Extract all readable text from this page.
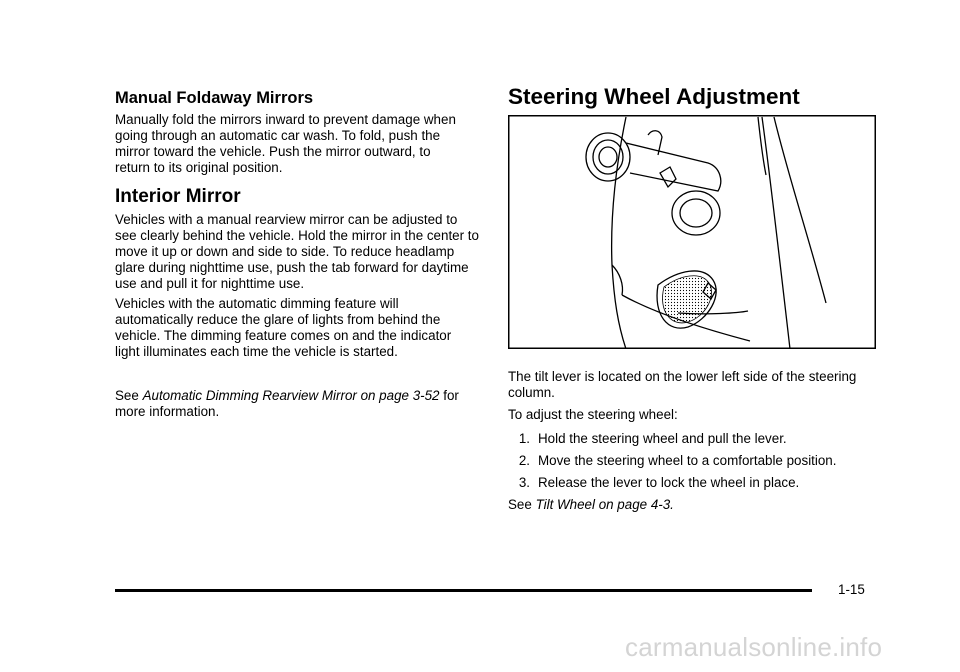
Manual Foldaway Mirrors

Manually fold the mirrors inward to prevent damage when going through an automatic car wash. To fold, push the mirror toward the vehicle. Push the mirror outward, to return to its original position.

Interior Mirror

Vehicles with a manual rearview mirror can be adjusted to see clearly behind the vehicle. Hold the mirror in the center to move it up or down and side to side. To reduce headlamp glare during nighttime use, push the tab forward for daytime use and pull it for nighttime use.

Vehicles with the automatic dimming feature will automatically reduce the glare of lights from behind the vehicle. The dimming feature comes on and the indicator light illuminates each time the vehicle is started.

See Automatic Dimming Rearview Mirror on page 3-52 for more information.

Steering Wheel Adjustment

The tilt lever is located on the lower left side of the steering column.

To adjust the steering wheel:

1. Hold the steering wheel and pull the lever.
2. Move the steering wheel to a comfortable position.
3. Release the lever to lock the wheel in place.

See Tilt Wheel on page 4-3.

1-15
carmanualsonline.info
